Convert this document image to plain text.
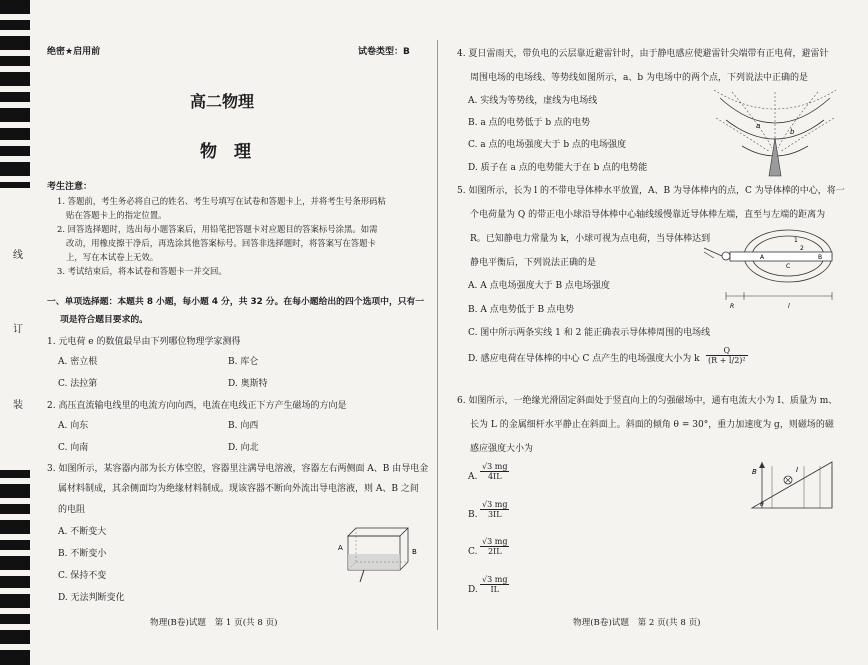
线
订
装
绝密★启用前	试卷类型：B
高二物理
物　理
考生注意：
1. 答题前，考生务必将自己的姓名、考生号填写在试卷和答题卡上，并将考生号条形码粘
贴在答题卡上的指定位置。
2. 回答选择题时，选出每小题答案后，用铅笔把答题卡对应题目的答案标号涂黑。如需
改动，用橡皮擦干净后，再选涂其他答案标号。回答非选择题时，将答案写在答题卡
上，写在本试卷上无效。
3. 考试结束后，将本试卷和答题卡一并交回。
一、单项选择题：本题共 8 小题，每小题 4 分，共 32 分。在每小题给出的四个选项中，只有一
项是符合题目要求的。
1. 元电荷 e 的数值最早由下列哪位物理学家测得
A. 密立根	B. 库仑
C. 法拉第	D. 奥斯特
2. 高压直流输电线里的电流方向向西，电流在电线正下方产生磁场的方向是
A. 向东	B. 向西
C. 向南	D. 向北
3. 如图所示，某容器内部为长方体空腔，容器里注满导电溶液，容器左右两侧面 A、B 由导电金
属材料制成，其余侧面均为绝缘材料制成。现该容器不断向外流出导电溶液，则 A、B 之间
的电阻
A. 不断变大
B. 不断变小
C. 保持不变
D. 无法判断变化
A	B
物理(B卷)试题　第 1 页(共 8 页)
4. 夏日雷雨天，带负电的云层靠近避雷针时，由于静电感应使避雷针尖端带有正电荷，避雷针
周围电场的电场线、等势线如图所示，a、b 为电场中的两个点，下列说法中正确的是
A. 实线为等势线，虚线为电场线
B. a 点的电势低于 b 点的电势
C. a 点的电场强度大于 b 点的电场强度
D. 质子在 a 点的电势能大于在 b 点的电势能
a
b
5. 如图所示，长为 l 的不带电导体棒水平放置，A、B 为导体棒内的点，C 为导体棒的中心，将一
个电荷量为 Q 的带正电小球沿导体棒中心轴线缓慢靠近导体棒左端，直至与左端的距离为
R。已知静电力常量为 k，小球可视为点电荷，当导体棒达到
静电平衡后，下列说法正确的是
A. A 点电场强度大于 B 点电场强度
B. A 点电势低于 B 点电势
C. 图中所示两条实线 1 和 2 能正确表示导体棒周围的电场线
D. 感应电荷在导体棒的中心 C 点产生的电场强度大小为 k $\frac{Q}{\text{(R + l/2)²}}$
1
2
A
C
B
R	l
6. 如图所示，一绝缘光滑固定斜面处于竖直向上的匀强磁场中，通有电流大小为 I、质量为 m、
长为 L 的金属细杆水平静止在斜面上。斜面的倾角 θ = 30°，重力加速度为 g，则磁场的磁
感应强度大小为
A. $\frac{√3 mg}{4IL}$
B. $\frac{√3 mg}{3IL}$
C. $\frac{√3 mg}{2IL}$
D. $\frac{√3 mg}{IL}$
B	I
θ
物理(B卷)试题　第 2 页(共 8 页)
